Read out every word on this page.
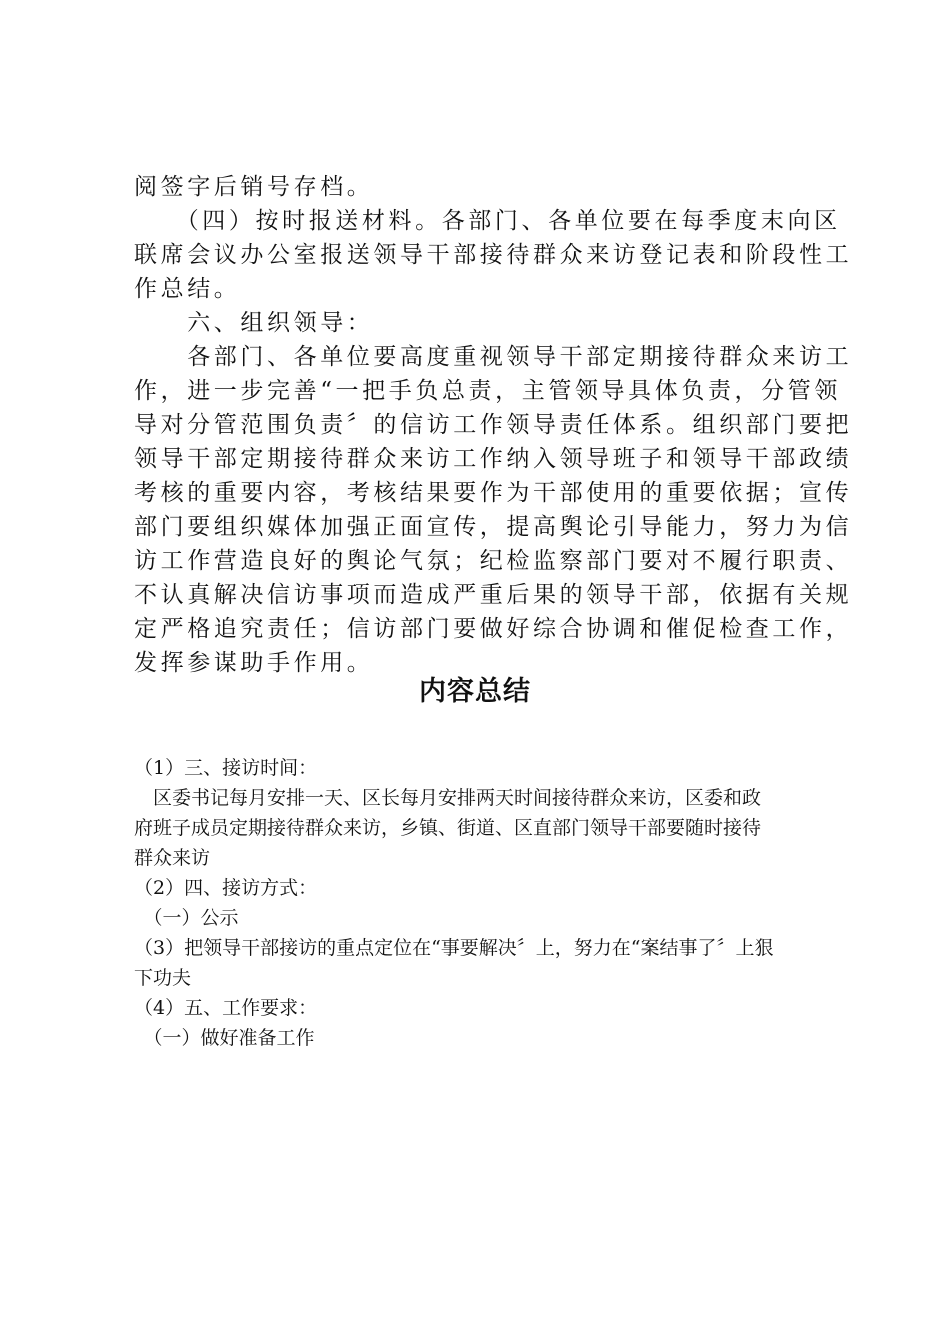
阅签字后销号存档。

　　（四）按时报送材料。各部门、各单位要在每季度末向区

联席会议办公室报送领导干部接待群众来访登记表和阶段性工

作总结。

　　六、组织领导：

　　各部门、各单位要高度重视领导干部定期接待群众来访工

作，进一步完善“一把手负总责，主管领导具体负责，分管领

导对分管范围负责〞的信访工作领导责任体系。组织部门要把

领导干部定期接待群众来访工作纳入领导班子和领导干部政绩

考核的重要内容，考核结果要作为干部使用的重要依据；宣传

部门要组织媒体加强正面宣传，提高舆论引导能力，努力为信

访工作营造良好的舆论气氛；纪检监察部门要对不履行职责、

不认真解决信访事项而造成严重后果的领导干部，依据有关规

定严格追究责任；信访部门要做好综合协调和催促检查工作，

发挥参谋助手作用。

内容总结

（1）三、接访时间：

　区委书记每月安排一天、区长每月安排两天时间接待群众来访，区委和政

府班子成员定期接待群众来访，乡镇、街道、区直部门领导干部要随时接待

群众来访

（2）四、接访方式：

　（一）公示

（3）把领导干部接访的重点定位在“事要解决〞上，努力在“案结事了〞上狠

下功夫

（4）五、工作要求：

　（一）做好准备工作
